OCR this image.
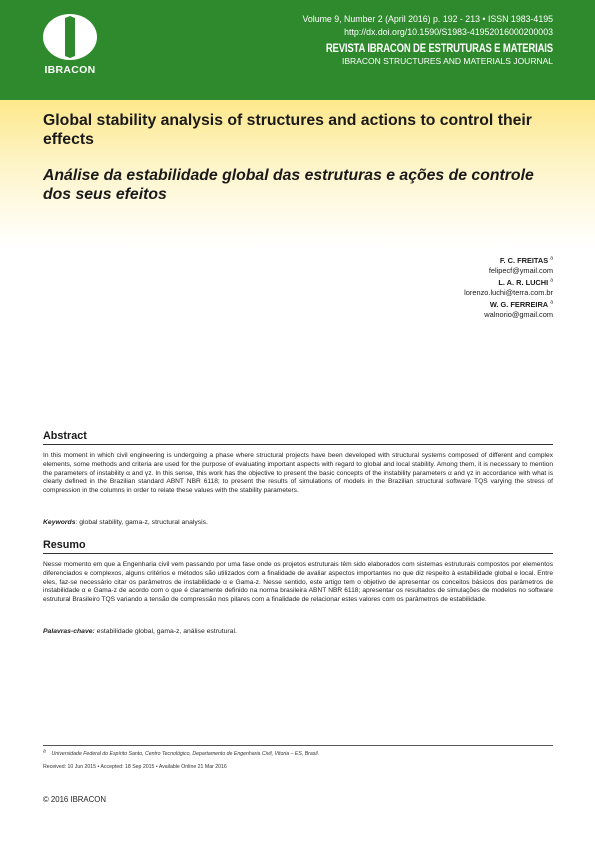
IBRACON
Volume 9, Number 2 (April 2016) p. 192 - 213 • ISSN 1983-4195
http://dx.doi.org/10.1590/S1983-41952016000200003
REVISTA IBRACON DE ESTRUTURAS E MATERIAIS
IBRACON STRUCTURES AND MATERIALS JOURNAL
Global stability analysis of structures and actions to control their effects
Análise da estabilidade global das estruturas e ações de controle dos seus efeitos
F. C. FREITAS $^a$
felipecf@ymail.com
L. A. R. LUCHI $^a$
lorenzo.luchi@terra.com.br
W. G. FERREIRA $^a$
walnorio@gmail.com
Abstract
In this moment in which civil engineering is undergoing a phase where structural projects have been developed with structural systems composed of different and complex elements, some methods and criteria are used for the purpose of evaluating important aspects with regard to global and local stability. Among them, it is necessary to mention the parameters of instability α and γz. In this sense, this work has the objective to present the basic concepts of the instability parameters α and γz in accordance with what is clearly defined in the Brazilian standard ABNT NBR 6118; to present the results of simulations of models in the Brazilian structural software TQS varying the stress of compression in the columns in order to relate these values with the stability parameters.
Keywords: global stability, gama-z, structural analysis.
Resumo
Nesse momento em que a Engenharia civil vem passando por uma fase onde os projetos estruturais têm sido elaborados com sistemas estruturais compostos por elementos diferenciados e complexos, alguns critérios e métodos são utilizados com a finalidade de avaliar aspectos importantes no que diz respeito à estabilidade global e local. Entre eles, faz-se necessário citar os parâmetros de instabilidade α e Gama-z. Nesse sentido, este artigo tem o objetivo de apresentar os conceitos básicos dos parâmetros de instabilidade α e Gama-z de acordo com o que é claramente definido na norma brasileira ABNT NBR 6118; apresentar os resultados de simulações de modelos no software estrutural Brasileiro TQS variando a tensão de compressão nos pilares com a finalidade de relacionar estes valores com os parâmetros de estabilidade.
Palavras-chave: estabilidade global, gama-z, análise estrutural.
$^a$ Universidade Federal do Espírito Santo, Centro Tecnológico, Departamento de Engenharia Civil, Vitoria – ES, Brasil.
Received: 10 Jun 2015 • Accepted: 18 Sep 2015 • Available Online 21 Mar 2016
© 2016 IBRACON
